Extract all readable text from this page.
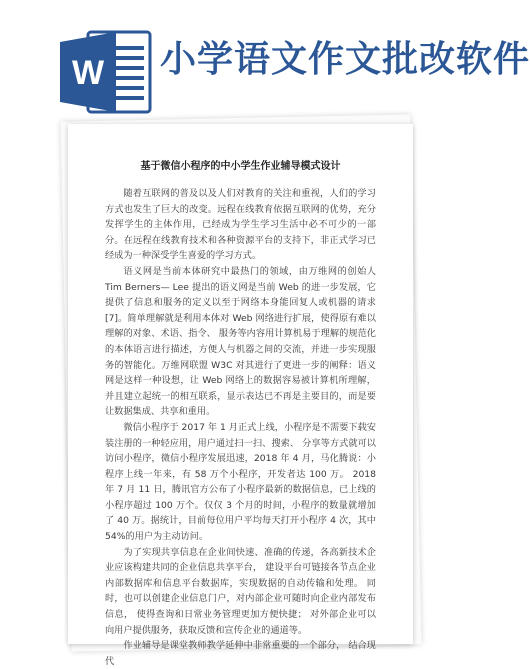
W 小学语文作文批改软件
基于微信小程序的中小学生作业辅导模式设计

随着互联网的普及以及人们对教育的关注和重视，人们的学习方式也发生了巨大的改变。远程在线教育依据互联网的优势，充分发挥学生的主体作用，已经成为学生学习生活中必不可少的一部分。在远程在线教育技术和各种资源平台的支持下，非正式学习已经成为一种深受学生喜爱的学习方式。

语义网是当前本体研究中最热门的领域，由万维网的创始人 Tim Berners— Lee 提出的语义网是当前 Web 的进一步发展，它提供了信息和服务的定义以至于网络本身能回复人或机器的请求[7]。简单理解就是利用本体对 Web 网络进行扩展，使得原有难以理解的对象、术语、指令、 服务等内容用计算机易于理解的规范化的本体语言进行描述，方便人与机器之间的交流，并进一步实现服务的智能化。万维网联盟 W3C 对其进行了更进一步的阐释：语义网是这样一种设想，让 Web 网络上的数据容易被计算机所理解，并且建立起统一的相互联系，显示表达已不再是主要目的，而是要让数据集成、共享和重用。

微信小程序于 2017 年 1 月正式上线，小程序是不需要下载安装注册的一种轻应用，用户通过扫一扫、搜索、 分享等方式就可以访问小程序，微信小程序发展迅速，2018 年 4 月，马化腾说：小程序上线一年来，有 58 万个小程序，开发者达 100 万。 2018 年 7 月 11 日，腾讯官方公布了小程序最新的数据信息，已上线的小程序超过 100 万个。仅仅 3 个月的时间，小程序的数量就增加了 40 万。据统计，目前每位用户平均每天打开小程序 4 次，其中 54%的用户为主动访问。

为了实现共享信息在企业间快速、准确的传递，各高新技术企业应该构建共同的企业信息共享平台， 建设平台可链接各节点企业内部数据库和信息平台数据库，实现数据的自动传输和处理。 同时，也可以创建企业信息门户，对内部企业可随时向企业内部发布信息， 使得查询和日常业务管理更加方便快捷； 对外部企业可以向用户提供服务，获取反馈和宣传企业的通道等。

作业辅导是课堂教师教学延伸中非常重要的一个部分， 结合现代
